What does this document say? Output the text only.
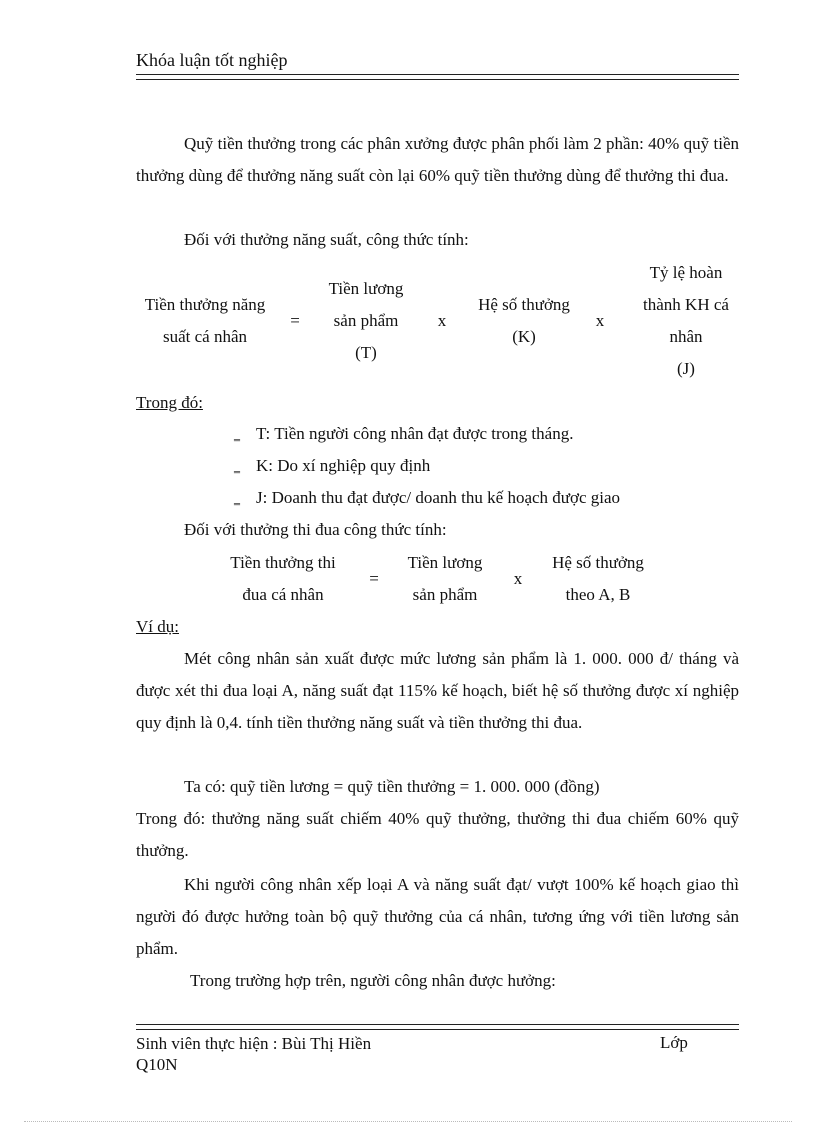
Khóa luận tốt nghiệp
Quỹ tiền thưởng trong các phân xưởng được phân phối làm 2 phần: 40% quỹ tiền thưởng dùng để thưởng năng suất còn lại 60% quỹ tiền thưởng dùng để thưởng thi đua.
Đối với thưởng năng suất, công thức tính:
Tiền thưởng năng
suất cá nhân
=
Tiền lương
sản phẩm
(T)
x
Hệ số thưởng
(K)
x
Tỷ lệ hoàn
thành KH cá
nhân
(J)
Trong đó:
‗ T: Tiền người công nhân đạt được trong tháng.
‗ K: Do xí nghiệp quy định
‗ J: Doanh thu đạt được/ doanh thu kế hoạch được giao
Đối với thưởng thi đua công thức tính:
Tiền thưởng thi
đua cá nhân
=
Tiền lương
sản phẩm
x
Hệ số thưởng
theo A, B
Ví dụ:
Mét công nhân sản xuất được mức lương sản phẩm là 1. 000. 000 đ/ tháng và được xét thi đua loại A, năng suất đạt 115% kế hoạch, biết hệ số thưởng được xí nghiệp quy định là 0,4. tính tiền thưởng năng suất và tiền thưởng thi đua.
Ta có: quỹ tiền lương = quỹ tiền thưởng = 1. 000. 000 (đồng)
Trong đó: thưởng năng suất chiếm 40% quỹ thưởng, thưởng thi đua chiếm 60% quỹ thưởng.
Khi người công nhân xếp loại A và năng suất đạt/ vượt 100% kế hoạch giao thì người đó được hưởng toàn bộ quỹ thưởng của cá nhân, tương ứng với tiền lương sản phẩm.
Trong trường hợp trên, người công nhân được hưởng:
Sinh viên thực hiện : Bùi Thị Hiền
Q10N
Lớp
